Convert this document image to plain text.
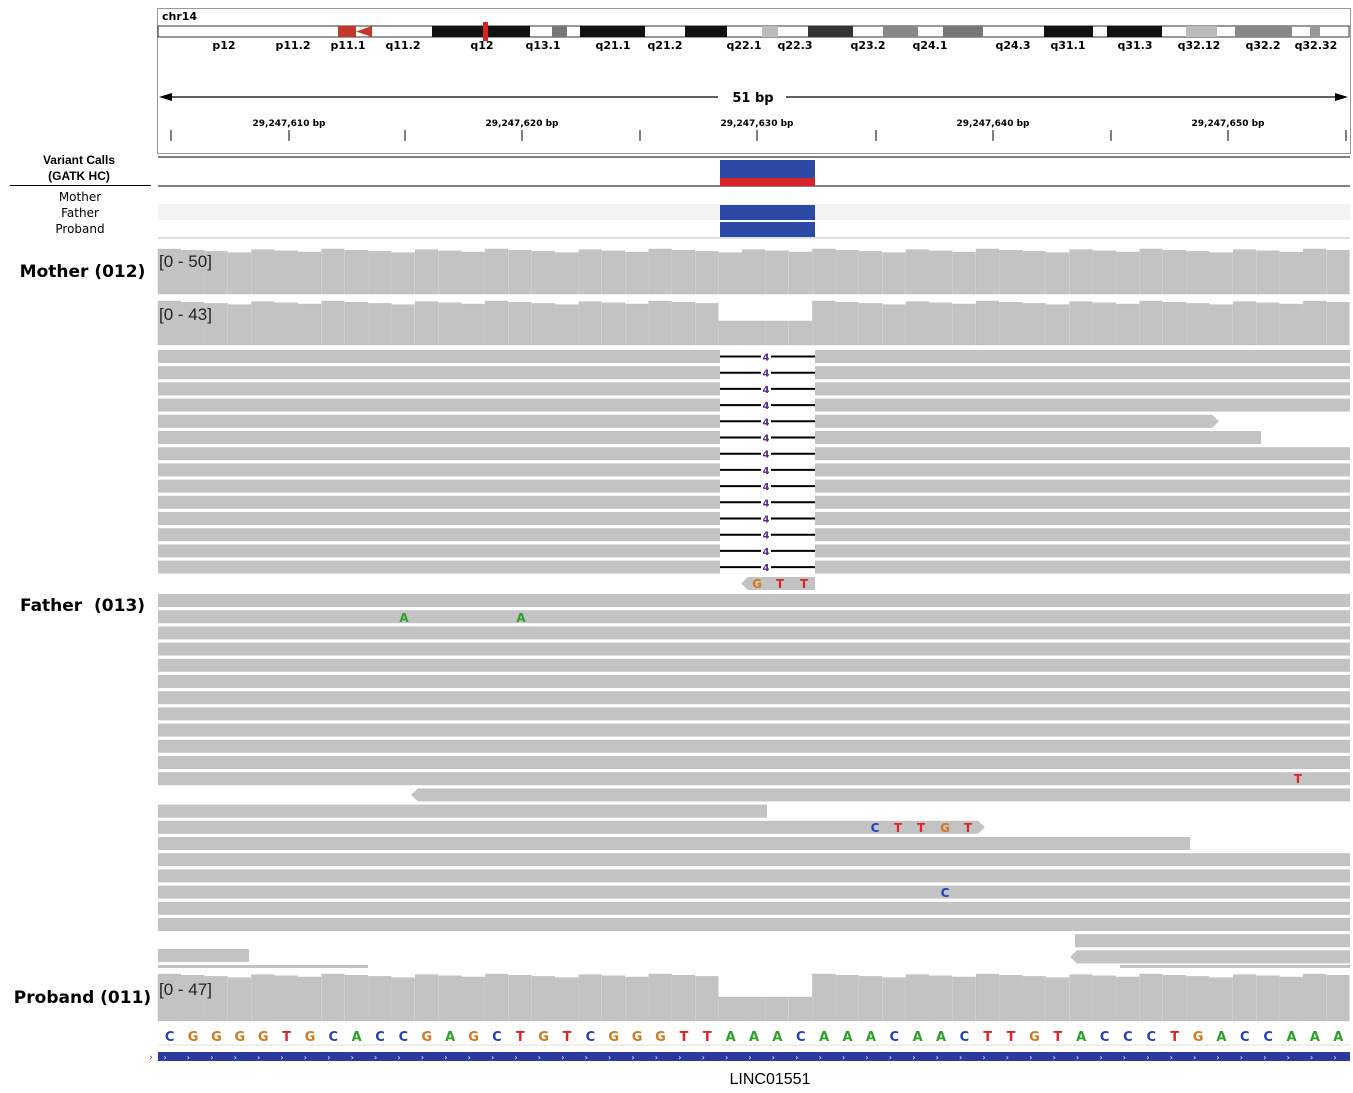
chr14
p12	p11.2 p11.1 q11.2	q12	q13.1	q21.1 q21.2	q22.1 q22.3	q23.2 q24.1	q24.3 q31.1	q31.3 q32.12 q32.2 q32.32
51 bp
29,247,610 bp	29,247,620 bp	29,247,630 bp	29,247,640 bp	29,247,650 bp
Variant Calls
(GATK HC)
Mother
Father
Proband
Mother (012)
Father  (013)
Proband (011)
4
4
4
4
4
4
4
4
4
4
4
4
4
4
G T T
A	A
T
C T T G T
C
C G G G G T G C A C C G A G C T G T C G G G T T A A A C A A A C A A C T T G T A C C C T G A C C A A A
› ›	›	›	›	›	›	›	›	›	›	›	›	›	›	›	›	›	›	›	›	›	›	›	›	›	›	›	›	›	›	›	›	›	›	›	›	›	›	›	›	›	›	›	›	›	›	›	›	›	›	›
[0 - 50]
[0 - 43]
[0 - 47]
LINC01551
